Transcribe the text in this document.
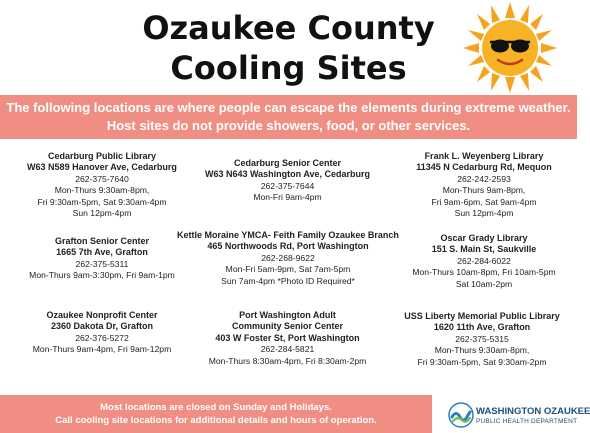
Ozaukee County
Cooling Sites
The following locations are where people can escape the elements during extreme weather.
Host sites do not provide showers, food, or other services.
Cedarburg Public Library
W63 N589 Hanover Ave, Cedarburg
262-375-7640
Mon-Thurs 9:30am-8pm,
Fri 9:30am-5pm, Sat 9:30am-4pm
Sun 12pm-4pm
Grafton Senior Center
1665 7th Ave, Grafton
262-375-5311
Mon-Thurs 9am-3:30pm, Fri 9am-1pm
Ozaukee Nonprofit Center
2360 Dakota Dr, Grafton
262-376-5272
Mon-Thurs 9am-4pm, Fri 9am-12pm
Cedarburg Senior Center
W63 N643 Washington Ave, Cedarburg
262-375-7644
Mon-Fri 9am-4pm
Kettle Moraine YMCA- Feith Family Ozaukee Branch
465 Northwoods Rd, Port Washington
262-268-9622
Mon-Fri 5am-9pm, Sat 7am-5pm
Sun 7am-4pm *Photo ID Required*
Port Washington Adult
Community Senior Center
403 W Foster St, Port Washington
262-284-5821
Mon-Thurs 8:30am-4pm, Fri 8:30am-2pm
Frank L. Weyenberg Library
11345 N Cedarburg Rd, Mequon
262-242-2593
Mon-Thurs 9am-8pm,
Fri 9am-6pm, Sat 9am-4pm
Sun 12pm-4pm
Oscar Grady Library
151 S. Main St, Saukville
262-284-6022
Mon-Thurs 10am-8pm, Fri 10am-5pm
Sat 10am-2pm
USS Liberty Memorial Public Library
1620 11th Ave, Grafton
262-375-5315
Mon-Thurs 9:30am-8pm,
Fri 9:30am-5pm, Sat 9:30am-2pm
Most locations are closed on Sunday and Holidays.
Call cooling site locations for additional details and hours of operation.
WASHINGTON OZAUKEE
PUBLIC HEALTH DEPARTMENT
